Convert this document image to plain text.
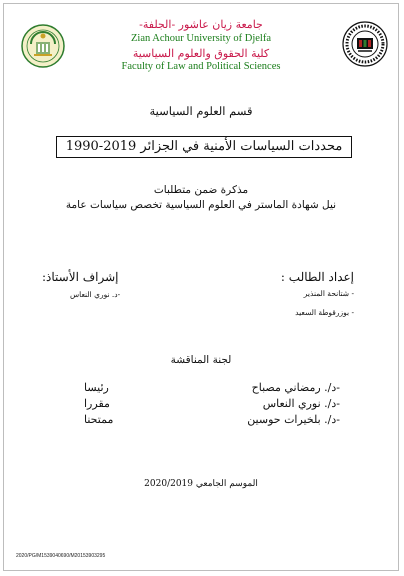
جامعة زيان عاشور -الجلفة-
Zian Achour University of Djelfa
كلية الحقوق والعلوم السياسية
Faculty of Law and Political Sciences
قسم العلوم السياسية
محددات السياسات الأمنية في الجزائر 2019-1990
مذكرة ضمن متطلبات
نيل شهادة الماستر في العلوم السياسية تخصص سياسات عامة
إعداد الطالب :
إشراف الأستاذ:
- شتانحة المنذير
- بوزرقوطة السعيد
-د. نوري النعاس
لجنة المناقشة
-د/. رمضاني مصباح
رئيسا
-د/. نوري النعاس
مقررا
-د/. بلخيرات حوسين
ممتحنا
الموسم الجامعي 2020/2019
2020/PG/M1539040690/M20153903295
